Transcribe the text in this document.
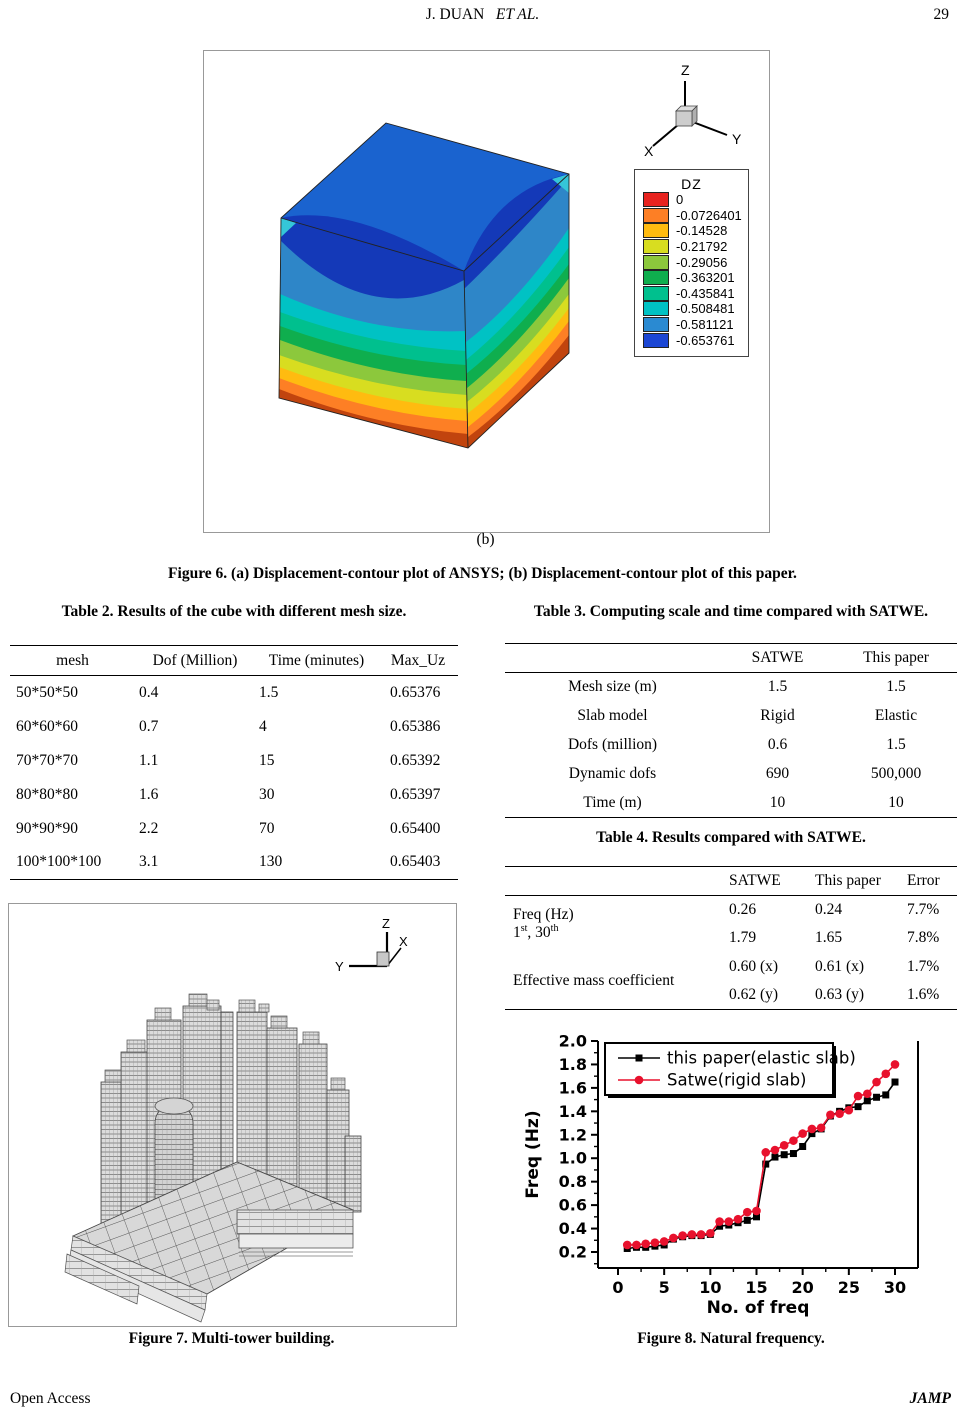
J. DUAN ET AL.	29
Z
X
Y
DZ
0
-0.0726401
-0.14528
-0.21792
-0.29056
-0.363201
-0.435841
-0.508481
-0.581121
-0.653761
(b)
Figure 6. (a) Displacement-contour plot of ANSYS; (b) Displacement-contour plot of this paper.
Table 2. Results of the cube with different mesh size.
mesh	Dof (Million)	Time (minutes)	Max_Uz
50*50*50	0.4	1.5	0.65376
60*60*60	0.7	4	0.65386
70*70*70	1.1	15	0.65392
80*80*80	1.6	30	0.65397
90*90*90	2.2	70	0.65400
100*100*100	3.1	130	0.65403
Table 3. Computing scale and time compared with SATWE.
	SATWE	This paper
Mesh size (m)	1.5	1.5
Slab model	Rigid	Elastic
Dofs (million)	0.6	1.5
Dynamic dofs	690	500,000
Time (m)	10	10
Table 4. Results compared with SATWE.
	SATWE	This paper	Error
Freq (Hz)
1st, 30th	0.26	0.24	7.7%
	1.79	1.65	7.8%
Effective mass coefficient	0.60 (x)	0.61 (x)	1.7%
	0.62 (y)	0.63 (y)	1.6%
Z
X
Y
Figure 7. Multi-tower building.
0.2
0.4
0.6
0.8
1.0
1.2
1.4
1.6
1.8
2.0
0 5 10 15 20 25 30
No. of freq
Freq (Hz)
this paper(elastic slab)
Satwe(rigid slab)
Figure 8. Natural frequency.
Open Access	JAMP
